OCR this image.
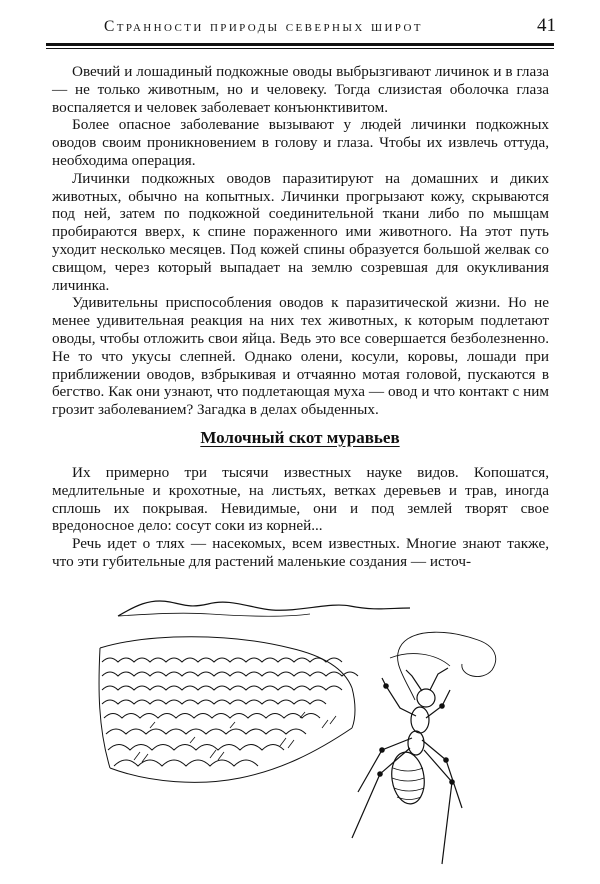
Странности природы северных широт	41

Овечий и лошадиный подкожные оводы выбрызгивают личинок и в глаза — не только животным, но и человеку. Тогда слизистая оболочка глаза воспаляется и человек заболевает конъюнктивитом.

Более опасное заболевание вызывают у людей личинки подкожных оводов своим проникновением в голову и глаза. Чтобы их извлечь оттуда, необходима операция.

Личинки подкожных оводов паразитируют на домашних и диких животных, обычно на копытных. Личинки прогрызают кожу, скрываются под ней, затем по подкожной соединительной ткани либо по мышцам пробираются вверх, к спине пораженного ими животного. На этот путь уходит несколько месяцев. Под кожей спины образуется большой желвак со свищом, через который выпадает на землю созревшая для окукливания личинка.

Удивительны приспособления оводов к паразитической жизни. Но не менее удивительная реакция на них тех животных, к которым подлетают оводы, чтобы отложить свои яйца. Ведь это все совершается безболезненно. Не то что укусы слепней. Однако олени, косули, коровы, лошади при приближении оводов, взбрыкивая и отчаянно мотая головой, пускаются в бегство. Как они узнают, что подлетающая муха — овод и что контакт с ним грозит заболеванием? Загадка в делах обыденных.

Молочный скот муравьев

Их примерно три тысячи известных науке видов. Копошатся, медлительные и крохотные, на листьях, ветках деревьев и трав, иногда сплошь их покрывая. Невидимые, они и под землей творят свое вредоносное дело: сосут соки из корней...

Речь идет о тлях — насекомых, всем известных. Многие знают также, что эти губительные для растений маленькие создания — источ-
